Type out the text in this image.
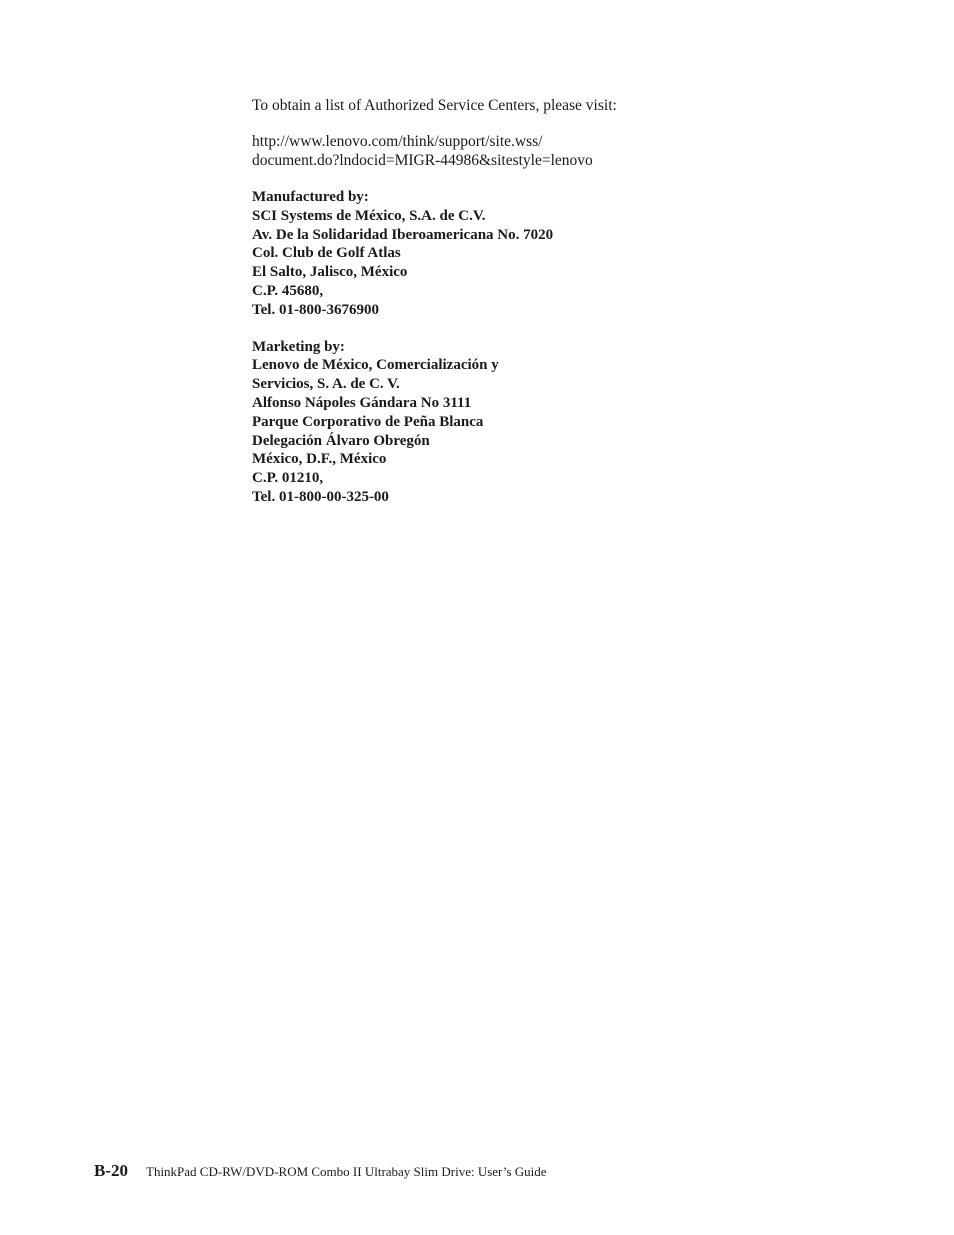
To obtain a list of Authorized Service Centers, please visit:

http://www.lenovo.com/think/support/site.wss/
document.do?lndocid=MIGR-44986&sitestyle=lenovo

Manufactured by:
SCI Systems de México, S.A. de C.V.
Av. De la Solidaridad Iberoamericana No. 7020
Col. Club de Golf Atlas
El Salto, Jalisco, México
C.P. 45680,
Tel. 01-800-3676900
Marketing by:
Lenovo de México, Comercialización y
Servicios, S. A. de C. V.
Alfonso Nápoles Gándara No 3111
Parque Corporativo de Peña Blanca
Delegación Álvaro Obregón
México, D.F., México
C.P. 01210,
Tel. 01-800-00-325-00
B-20 ThinkPad CD-RW/DVD-ROM Combo II Ultrabay Slim Drive: User’s Guide
